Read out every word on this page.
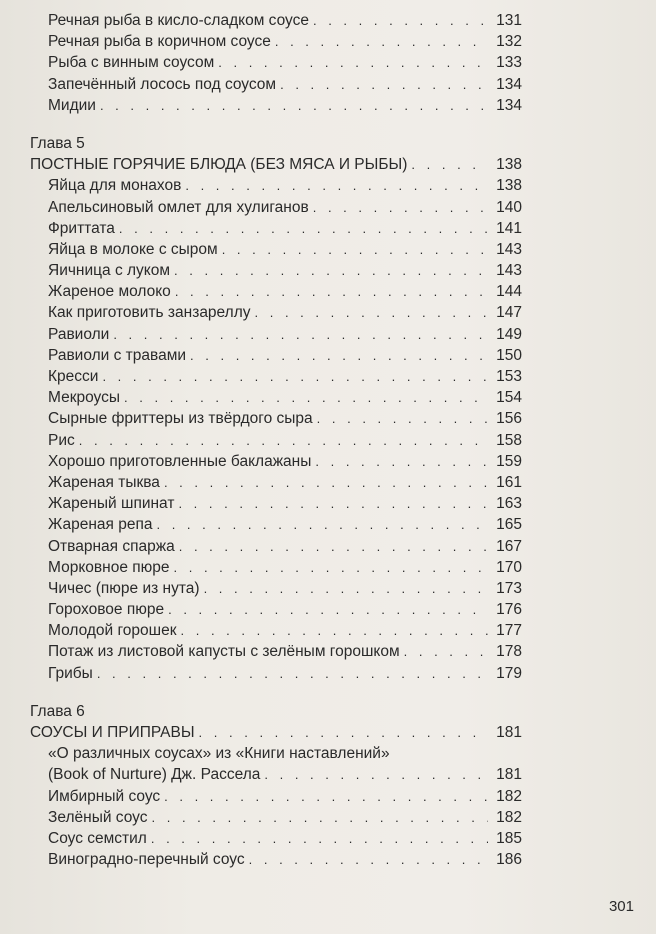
Речная рыба в кисло-сладком соусе . . .	131
Речная рыба в коричном соусе . . .	132
Рыба с винным соусом . . .	133
Запечённый лосось под соусом . . .	134
Мидии . . .	134
Глава 5
ПОСТНЫЕ ГОРЯЧИЕ БЛЮДА (БЕЗ МЯСА И РЫБЫ) . . .	138
Яйца для монахов . . .	138
Апельсиновый омлет для хулиганов . . .	140
Фриттата . . .	141
Яйца в молоке с сыром . . .	143
Яичница с луком . . .	143
Жареное молоко . . .	144
Как приготовить занзареллу . . .	147
Равиоли . . .	149
Равиоли с травами . . .	150
Кресси . . .	153
Мекроусы . . .	154
Сырные фриттеры из твёрдого сыра . . .	156
Рис . . .	158
Хорошо приготовленные баклажаны . . .	159
Жареная тыква . . .	161
Жареный шпинат . . .	163
Жареная репа . . .	165
Отварная спаржа . . .	167
Морковное пюре . . .	170
Чичес (пюре из нута) . . .	173
Гороховое пюре . . .	176
Молодой горошек . . .	177
Потаж из листовой капусты с зелёным горошком . . .	178
Грибы . . .	179
Глава 6
СОУСЫ И ПРИПРАВЫ . . .	181
«О различных соусах» из «Книги наставлений»
(Book of Nurture) Дж. Рассела . . .	181
Имбирный соус . . .	182
Зелёный соус . . .	182
Соус семстил . . .	185
Виноградно-перечный соус . . .	186
301
